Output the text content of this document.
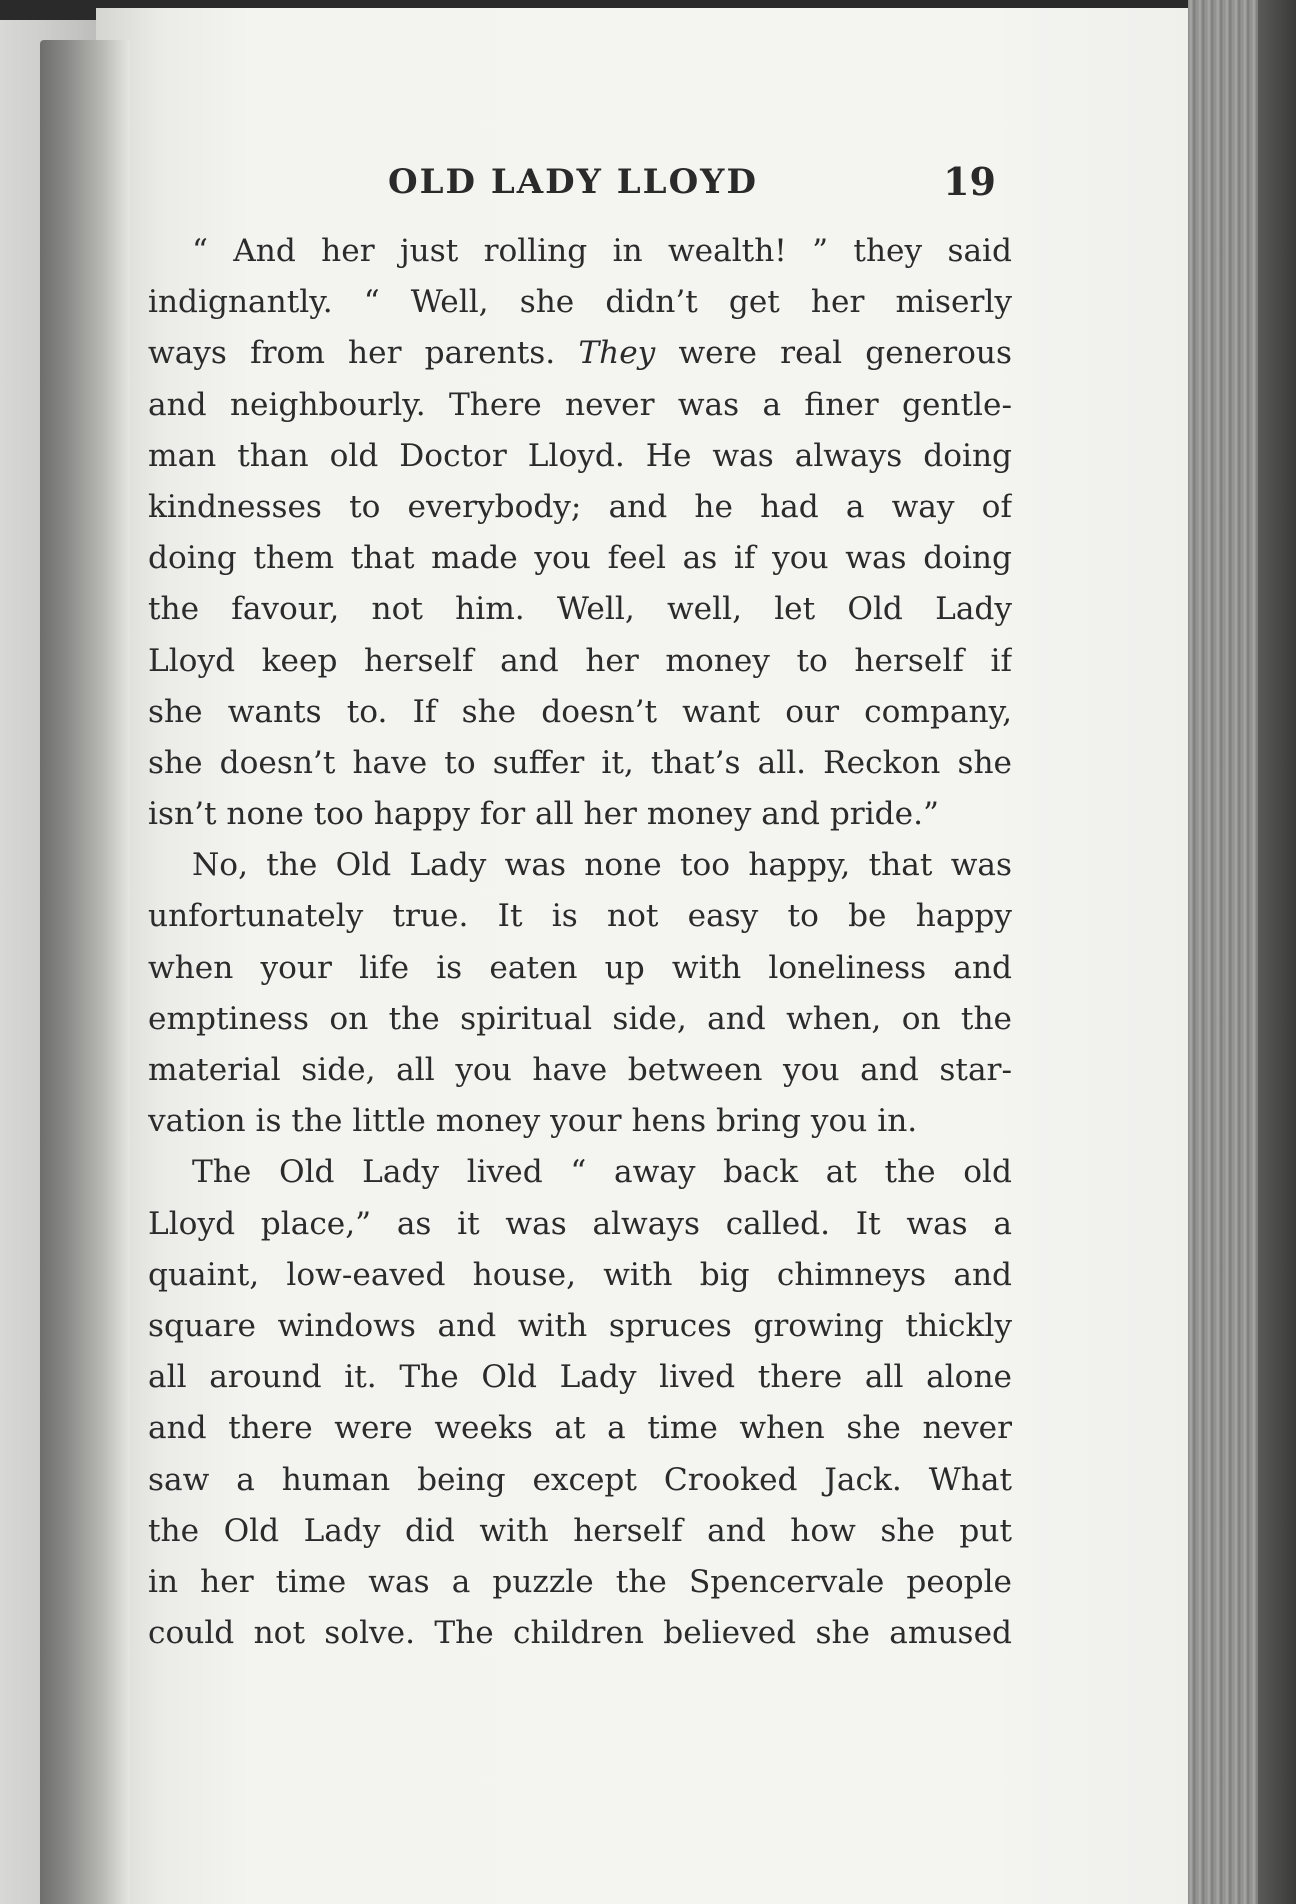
OLD LADY LLOYD	19
“ And her just rolling in wealth! ” they said
indignantly. “ Well, she didn’t get her miserly
ways from her parents. They were real generous
and neighbourly. There never was a finer gentle-
man than old Doctor Lloyd. He was always doing
kindnesses to everybody; and he had a way of
doing them that made you feel as if you was doing
the favour, not him. Well, well, let Old Lady
Lloyd keep herself and her money to herself if
she wants to. If she doesn’t want our company,
she doesn’t have to suffer it, that’s all. Reckon she
isn’t none too happy for all her money and pride.”
No, the Old Lady was none too happy, that was
unfortunately true. It is not easy to be happy
when your life is eaten up with loneliness and
emptiness on the spiritual side, and when, on the
material side, all you have between you and star-
vation is the little money your hens bring you in.
The Old Lady lived “ away back at the old
Lloyd place,” as it was always called. It was a
quaint, low-eaved house, with big chimneys and
square windows and with spruces growing thickly
all around it. The Old Lady lived there all alone
and there were weeks at a time when she never
saw a human being except Crooked Jack. What
the Old Lady did with herself and how she put
in her time was a puzzle the Spencervale people
could not solve. The children believed she amused
